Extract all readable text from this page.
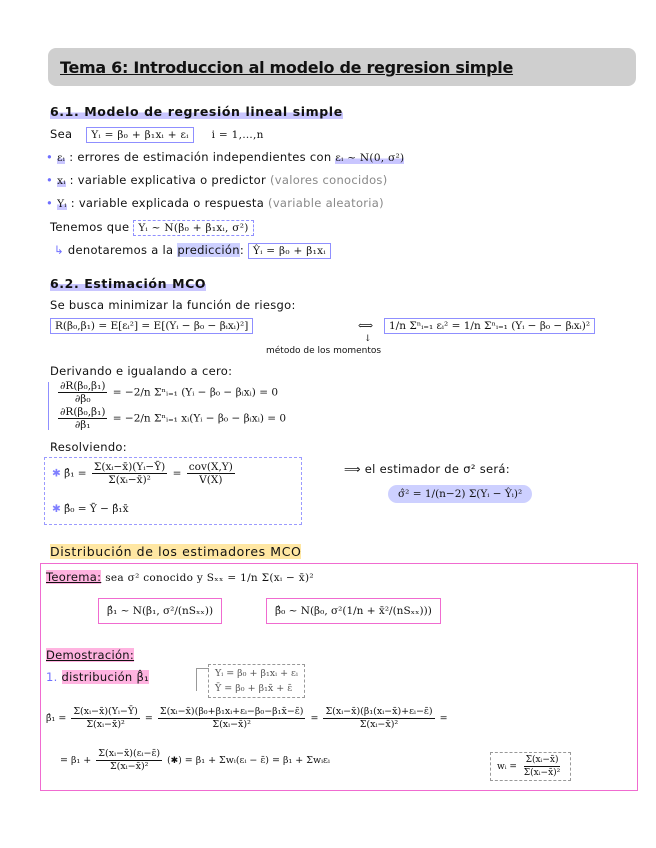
Tema 6: Introduccion al modelo de regresion simple
6.1. Modelo de regresión lineal simple
Sea Yᵢ = β₀ + β₁xᵢ + εᵢ i = 1,…,n
• εᵢ : errores de estimación independientes con εᵢ ~ N(0, σ²)
• xᵢ : variable explicativa o predictor (valores conocidos)
• Yᵢ : variable explicada o respuesta (variable aleatoria)
Tenemos que Yᵢ ~ N(β₀ + β₁xᵢ, σ²)
↳ denotaremos a la predicción: Ŷᵢ = β₀ + β₁xᵢ
6.2. Estimación MCO
Se busca minimizar la función de riesgo:
R(β₀,β₁) = E[εᵢ²] = E[(Yᵢ − β₀ − βᵢxᵢ)²]	⟺
↓
1/n Σⁿᵢ₌₁ εᵢ² = 1/n Σⁿᵢ₌₁ (Yᵢ − β₀ − βᵢxᵢ)²
método de los momentos
Derivando e igualando a cero:
$\frac{\text{∂R(β₀,β₁)}}{\text{∂β₀}} = -2/n$ Σⁿᵢ₌₁ (Yᵢ − β₀ − βᵢxᵢ) = 0
$\frac{\text{∂R(β₀,β₁)}}{\text{∂β₁}} = -2/n$ Σⁿᵢ₌₁ xᵢ(Yᵢ − β₀ − βᵢxᵢ) = 0
Resolviendo:
✱ β̂₁ = $\frac{\text{Σ(xᵢ−x̄)(Yᵢ−Ȳ)}}{\text{Σ(xᵢ−x̄)²}} = \frac{\text{cov(X,Y)}}{V(X)}$
✱ β̂₀ = Ȳ − β̂₁x̄
⟹ el estimador de σ² será:
σ̂² = 1/(n−2) Σ(Yᵢ − Ŷᵢ)²
Distribución de los estimadores MCO
Teorema: sea σ² conocido y Sₓₓ = 1/n Σ(xᵢ − x̄)²
β̂₁ ~ N(β₁, σ²/(nSₓₓ))	β̂₀ ~ N(β₀, σ²(1/n + x̄²/(nSₓₓ)))
Demostración:
1. distribución β̂₁	Yᵢ = β₀ + β₁xᵢ + εᵢ
Ȳ = β₀ + β₁x̄ + ε̄
β̂₁ = $\frac{\text{Σ(xᵢ−x̄)(Yᵢ−Ȳ)}}{\text{Σ(xᵢ−x̄)²}} = \frac{\text{Σ(xᵢ−x̄)(β₀+β₁xᵢ+εᵢ−β₀−β₁x̄−ε̄)}}{\text{Σ(xᵢ−x̄)²}} = \frac{\text{Σ(xᵢ−x̄)(β₁(xᵢ−x̄)+εᵢ−ε̄)}}{\text{Σ(xᵢ−x̄)²}}$ =
= $\beta_1 + \frac{\text{Σ(xᵢ−x̄)(εᵢ−ε̄)}}{\text{Σ(xᵢ−x̄)²}}$ (✱) = β₁ + Σwᵢ(εᵢ − ε̄) = β₁ + Σwᵢεᵢ
wᵢ = $\frac{\text{Σ(xᵢ−x̄)}}{\text{Σ(xᵢ−x̄)²}}$
